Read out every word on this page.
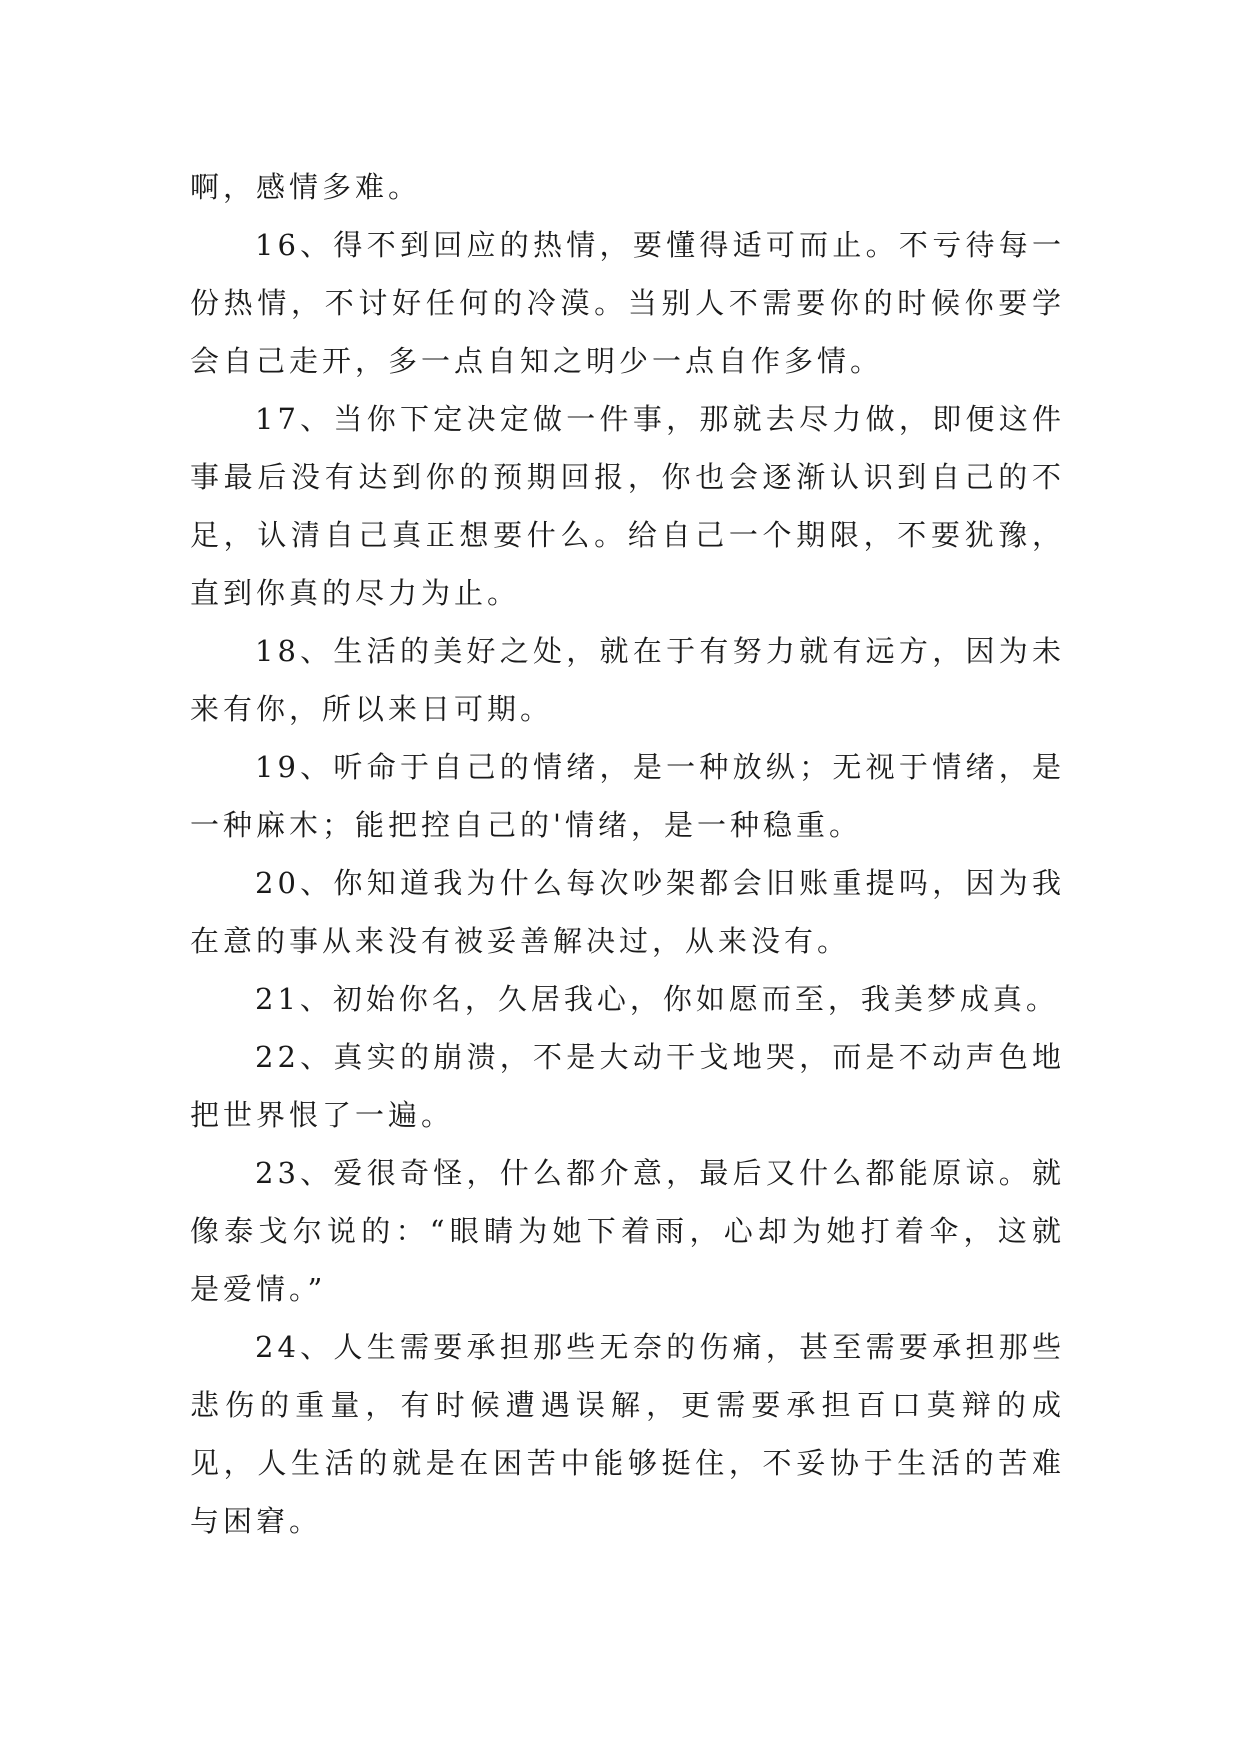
啊，感情多难。

16、得不到回应的热情，要懂得适可而止。不亏待每一份热情，不讨好任何的冷漠。当别人不需要你的时候你要学会自己走开，多一点自知之明少一点自作多情。

17、当你下定决定做一件事，那就去尽力做，即便这件事最后没有达到你的预期回报，你也会逐渐认识到自己的不足，认清自己真正想要什么。给自己一个期限，不要犹豫，直到你真的尽力为止。

18、生活的美好之处，就在于有努力就有远方，因为未来有你，所以来日可期。

19、听命于自己的情绪，是一种放纵；无视于情绪，是一种麻木；能把控自己的'情绪，是一种稳重。

20、你知道我为什么每次吵架都会旧账重提吗，因为我在意的事从来没有被妥善解决过，从来没有。

21、初始你名，久居我心，你如愿而至，我美梦成真。

22、真实的崩溃，不是大动干戈地哭，而是不动声色地把世界恨了一遍。

23、爱很奇怪，什么都介意，最后又什么都能原谅。就像泰戈尔说的：“眼睛为她下着雨，心却为她打着伞，这就是爱情。”

24、人生需要承担那些无奈的伤痛，甚至需要承担那些悲伤的重量，有时候遭遇误解，更需要承担百口莫辩的成见，人生活的就是在困苦中能够挺住，不妥协于生活的苦难与困窘。
